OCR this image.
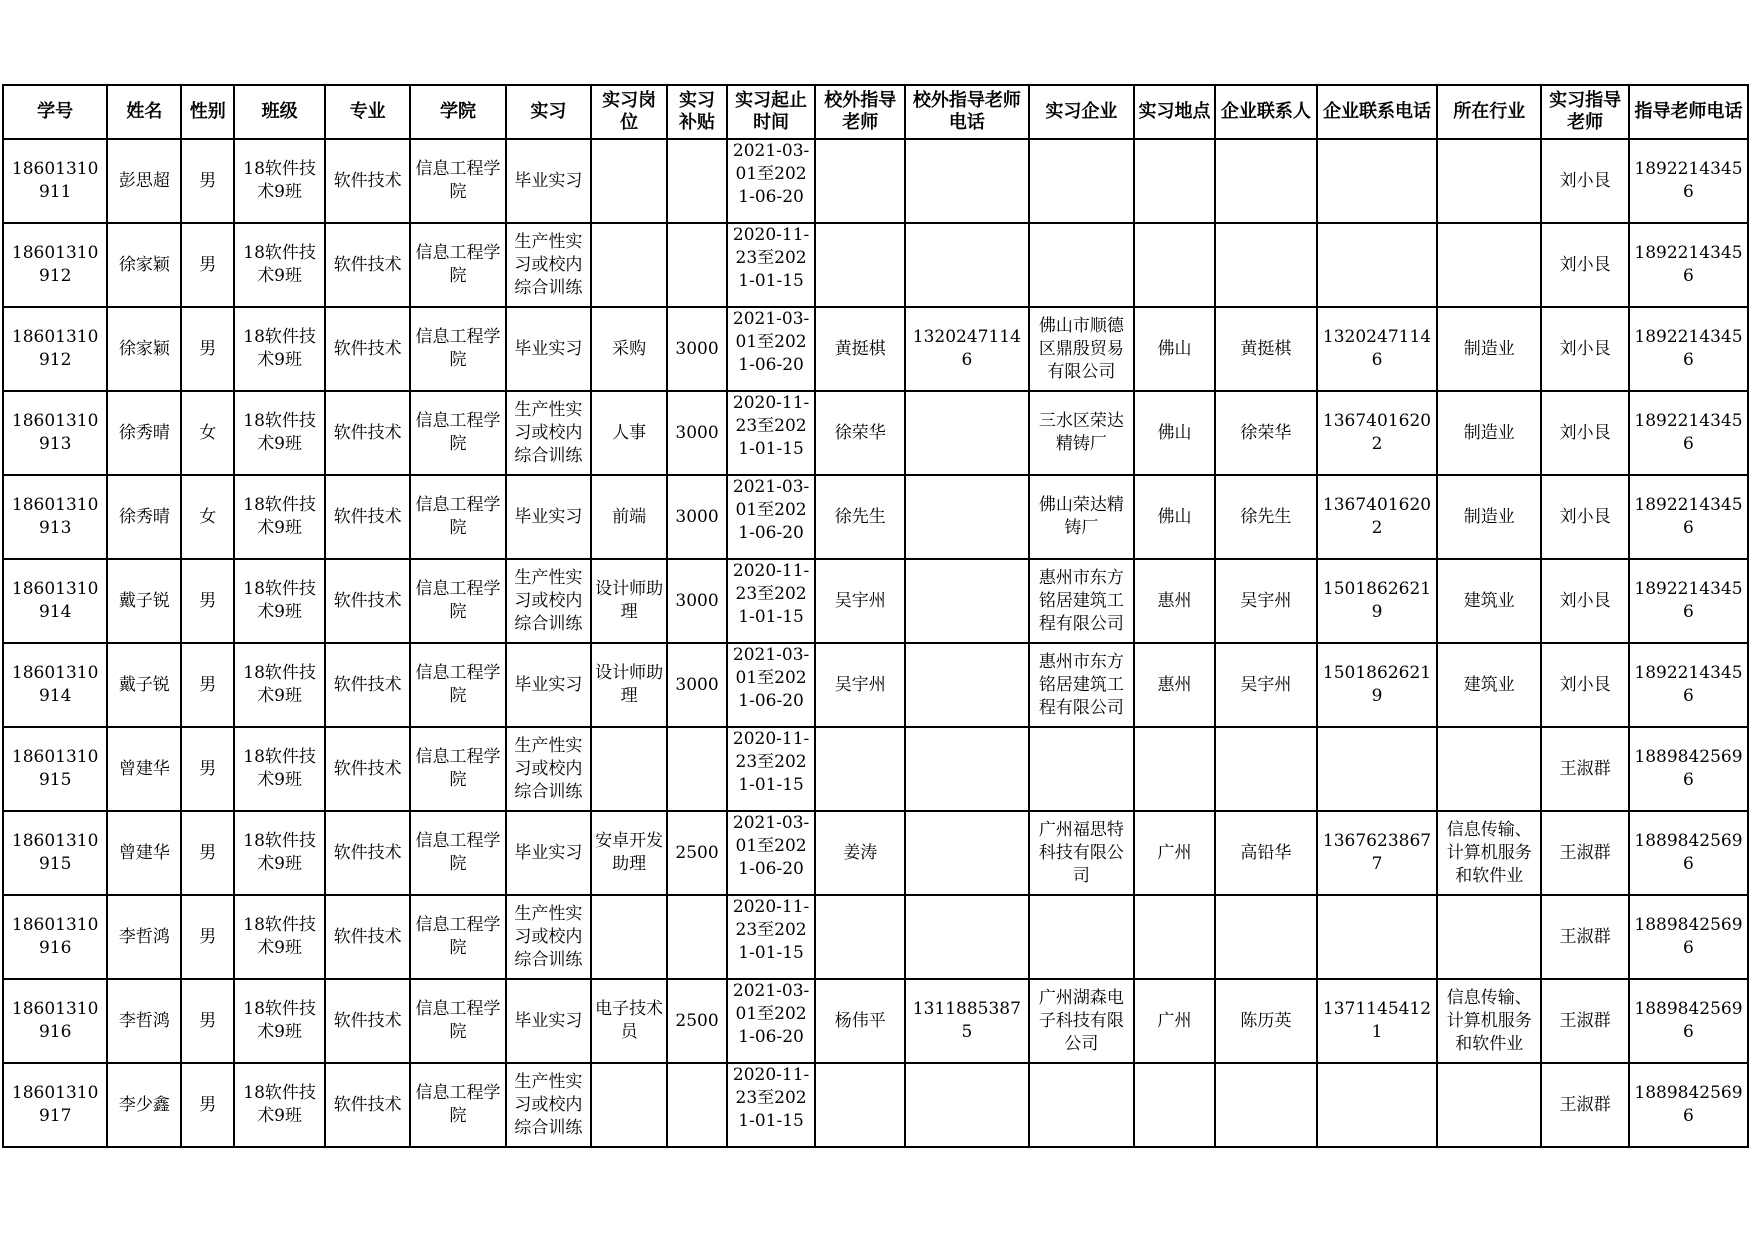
学号	姓名	性别	班级	专业	学院	实习	实习岗位	实习补贴	实习起止时间	校外指导老师	校外指导老师电话	实习企业	实习地点	企业联系人	企业联系电话	所在行业	实习指导老师	指导老师电话
18601310911	彭思超	男	18软件技术9班	软件技术	信息工程学院	毕业实习			2021-03-01至2021-06-20								刘小艮	18922143456
18601310912	徐家颖	男	18软件技术9班	软件技术	信息工程学院	生产性实习或校内综合训练			2020-11-23至2021-01-15								刘小艮	18922143456
18601310912	徐家颖	男	18软件技术9班	软件技术	信息工程学院	毕业实习	采购	3000	2021-03-01至2021-06-20	黄挺棋	13202471146	佛山市顺德区鼎殷贸易有限公司	佛山	黄挺棋	13202471146	制造业	刘小艮	18922143456
18601310913	徐秀晴	女	18软件技术9班	软件技术	信息工程学院	生产性实习或校内综合训练	人事	3000	2020-11-23至2021-01-15	徐荣华		三水区荣达精铸厂	佛山	徐荣华	13674016202	制造业	刘小艮	18922143456
18601310913	徐秀晴	女	18软件技术9班	软件技术	信息工程学院	毕业实习	前端	3000	2021-03-01至2021-06-20	徐先生		佛山荣达精铸厂	佛山	徐先生	13674016202	制造业	刘小艮	18922143456
18601310914	戴子锐	男	18软件技术9班	软件技术	信息工程学院	生产性实习或校内综合训练	设计师助理	3000	2020-11-23至2021-01-15	吴宇州		惠州市东方铭居建筑工程有限公司	惠州	吴宇州	15018626219	建筑业	刘小艮	18922143456
18601310914	戴子锐	男	18软件技术9班	软件技术	信息工程学院	毕业实习	设计师助理	3000	2021-03-01至2021-06-20	吴宇州		惠州市东方铭居建筑工程有限公司	惠州	吴宇州	15018626219	建筑业	刘小艮	18922143456
18601310915	曾建华	男	18软件技术9班	软件技术	信息工程学院	生产性实习或校内综合训练			2020-11-23至2021-01-15								王淑群	18898425696
18601310915	曾建华	男	18软件技术9班	软件技术	信息工程学院	毕业实习	安卓开发助理	2500	2021-03-01至2021-06-20	姜涛		广州福思特科技有限公司	广州	高铅华	13676238677	信息传输、计算机服务和软件业	王淑群	18898425696
18601310916	李哲鸿	男	18软件技术9班	软件技术	信息工程学院	生产性实习或校内综合训练			2020-11-23至2021-01-15								王淑群	18898425696
18601310916	李哲鸿	男	18软件技术9班	软件技术	信息工程学院	毕业实习	电子技术员	2500	2021-03-01至2021-06-20	杨伟平	13118853875	广州湖森电子科技有限公司	广州	陈历英	13711454121	信息传输、计算机服务和软件业	王淑群	18898425696
18601310917	李少鑫	男	18软件技术9班	软件技术	信息工程学院	生产性实习或校内综合训练			2020-11-23至2021-01-15								王淑群	18898425696
